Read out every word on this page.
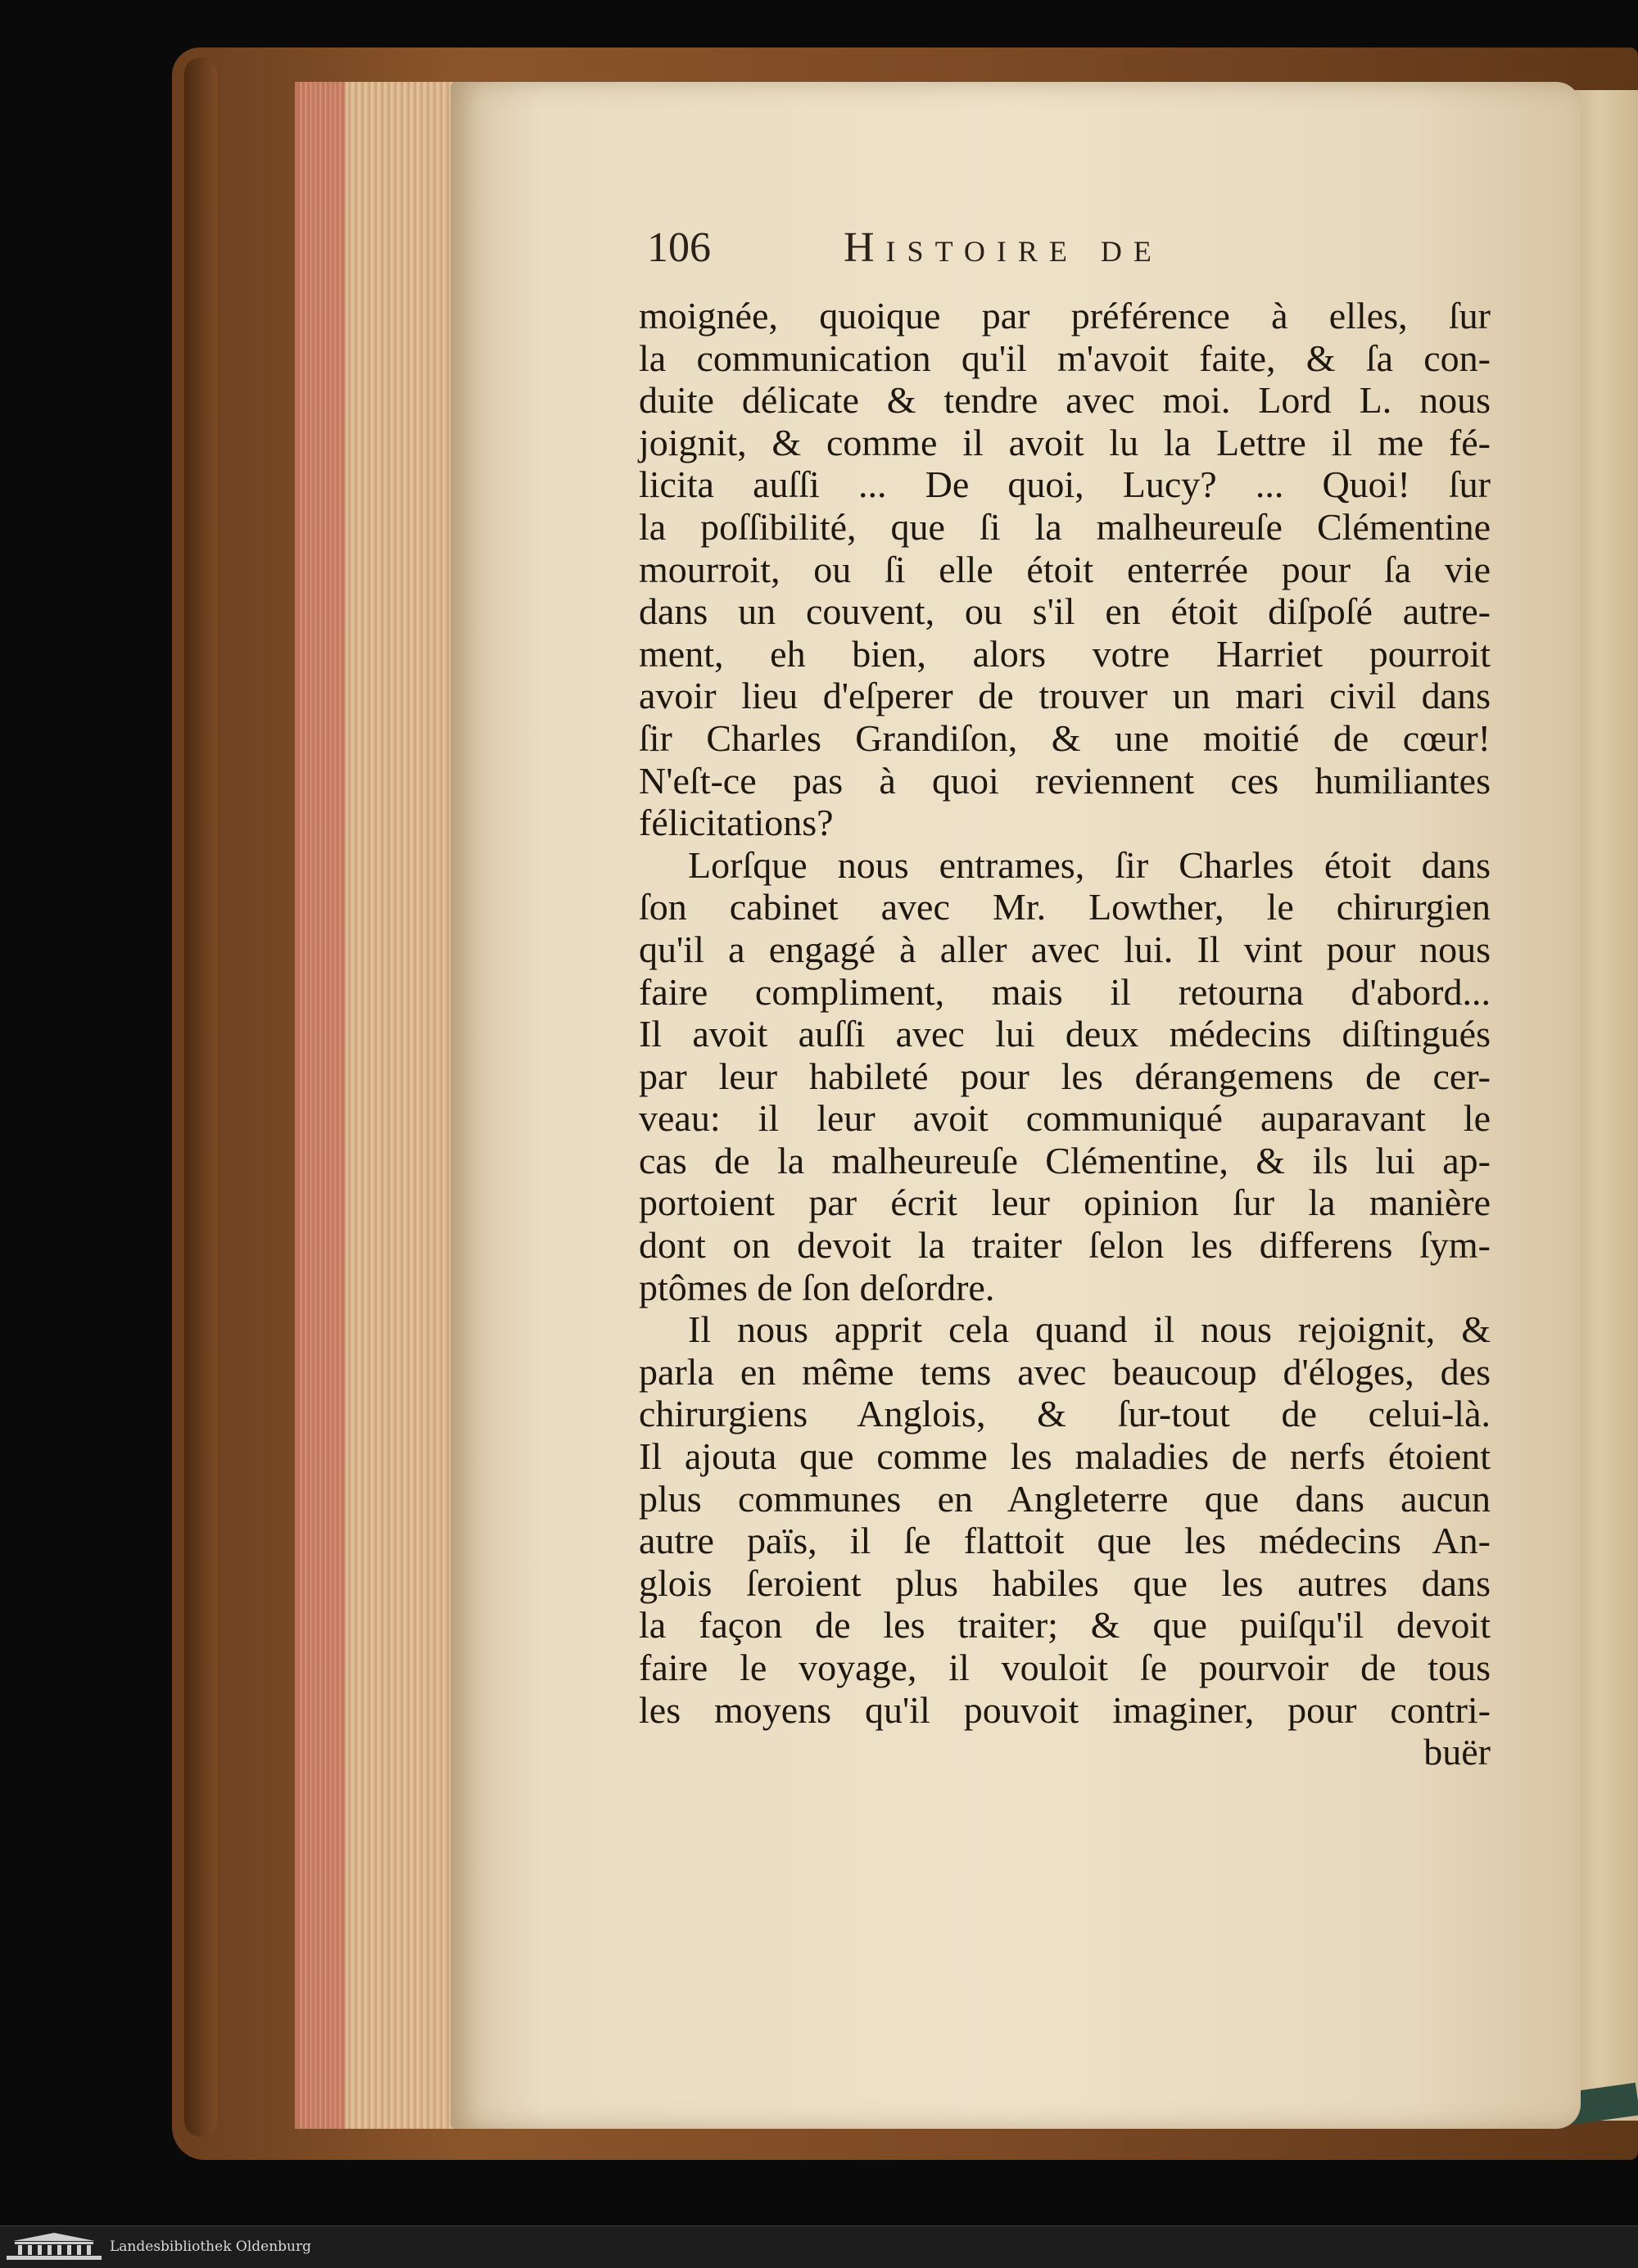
106	Histoire de
moignée, quoique par préférence à elles, ſur
la communication qu'il m'avoit faite, & ſa con-
duite délicate & tendre avec moi. Lord L. nous
joignit, & comme il avoit lu la Lettre il me fé-
licita auſſi ... De quoi, Lucy? ... Quoi! ſur
la poſſibilité, que ſi la malheureuſe Clémentine
mourroit, ou ſi elle étoit enterrée pour ſa vie
dans un couvent, ou s'il en étoit diſpoſé autre-
ment, eh bien, alors votre Harriet pourroit
avoir lieu d'eſperer de trouver un mari civil dans
ſir Charles Grandiſon, & une moitié de cœur!
N'eſt-ce pas à quoi reviennent ces humiliantes
félicitations?
Lorſque nous entrames, ſir Charles étoit dans
ſon cabinet avec Mr. Lowther, le chirurgien
qu'il a engagé à aller avec lui. Il vint pour nous
faire compliment, mais il retourna d'abord...
Il avoit auſſi avec lui deux médecins diſtingués
par leur habileté pour les dérangemens de cer-
veau: il leur avoit communiqué auparavant le
cas de la malheureuſe Clémentine, & ils lui ap-
portoient par écrit leur opinion ſur la manière
dont on devoit la traiter ſelon les differens ſym-
ptômes de ſon deſordre.
Il nous apprit cela quand il nous rejoignit, &
parla en même tems avec beaucoup d'éloges, des
chirurgiens Anglois, & ſur-tout de celui-là.
Il ajouta que comme les maladies de nerfs étoient
plus communes en Angleterre que dans aucun
autre païs, il ſe flattoit que les médecins An-
glois ſeroient plus habiles que les autres dans
la façon de les traiter; & que puiſqu'il devoit
faire le voyage, il vouloit ſe pourvoir de tous
les moyens qu'il pouvoit imaginer, pour contri-
buër
Landesbibliothek Oldenburg
